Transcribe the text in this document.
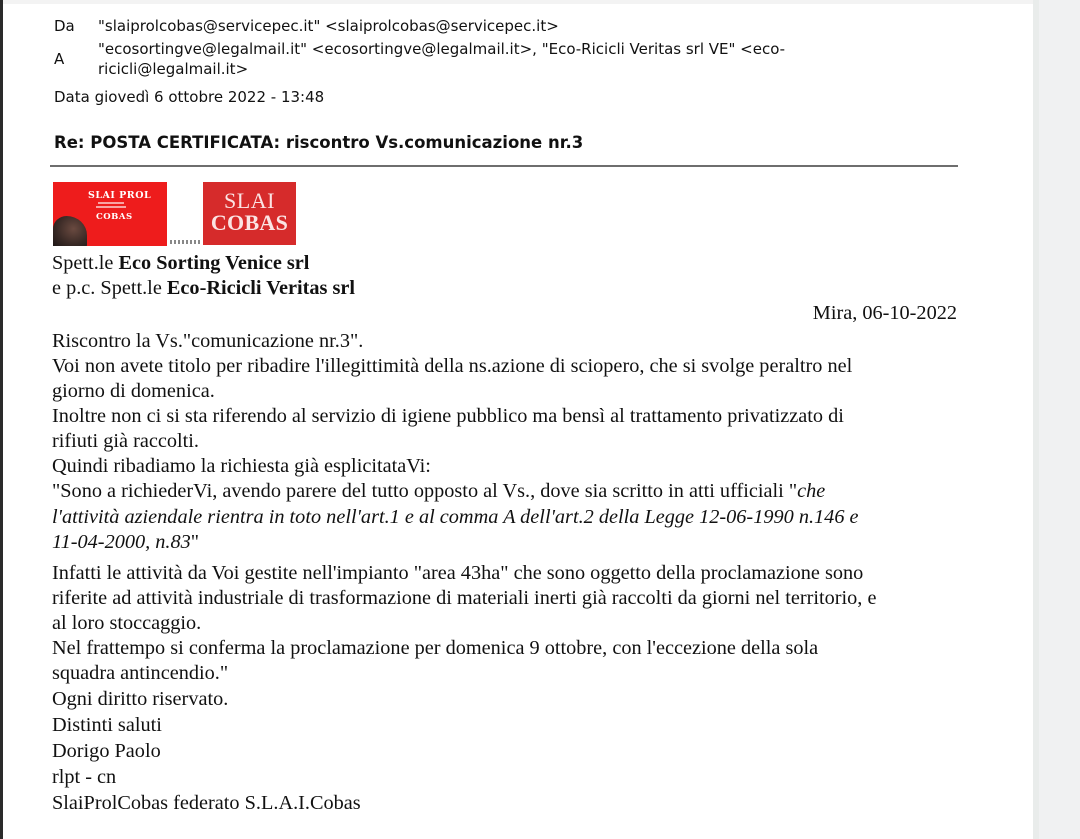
Da	"slaiprolcobas@servicepec.it" <slaiprolcobas@servicepec.it>
A
"ecosortingve@legalmail.it" <ecosortingve@legalmail.it>, "Eco-Ricicli Veritas srl VE" <eco-
ricicli@legalmail.it>
Data giovedì 6 ottobre 2022 - 13:48
Re: POSTA CERTIFICATA: riscontro Vs.comunicazione nr.3
SLAI PROL
COBAS
SLAI
COBAS
Spett.le Eco Sorting Venice srl
e p.c. Spett.le Eco-Ricicli Veritas srl
Mira, 06-10-2022
Riscontro la Vs."comunicazione nr.3".
Voi non avete titolo per ribadire l'illegittimità della ns.azione di sciopero, che si svolge peraltro nel
giorno di domenica.
Inoltre non ci si sta riferendo al servizio di igiene pubblico ma bensì al trattamento privatizzato di
rifiuti già raccolti.
Quindi ribadiamo la richiesta già esplicitataVi:
"Sono a richiederVi, avendo parere del tutto opposto al Vs., dove sia scritto in atti ufficiali "che
l'attività aziendale rientra in toto nell'art.1 e al comma A dell'art.2 della Legge 12-06-1990 n.146 e
11-04-2000, n.83"
Infatti le attività da Voi gestite nell'impianto "area 43ha" che sono oggetto della proclamazione sono
riferite ad attività industriale di trasformazione di materiali inerti già raccolti da giorni nel territorio, e
al loro stoccaggio.
Nel frattempo si conferma la proclamazione per domenica 9 ottobre, con l'eccezione della sola
squadra antincendio."
Ogni diritto riservato.
Distinti saluti
Dorigo Paolo
rlpt - cn
SlaiProlCobas federato S.L.A.I.Cobas
